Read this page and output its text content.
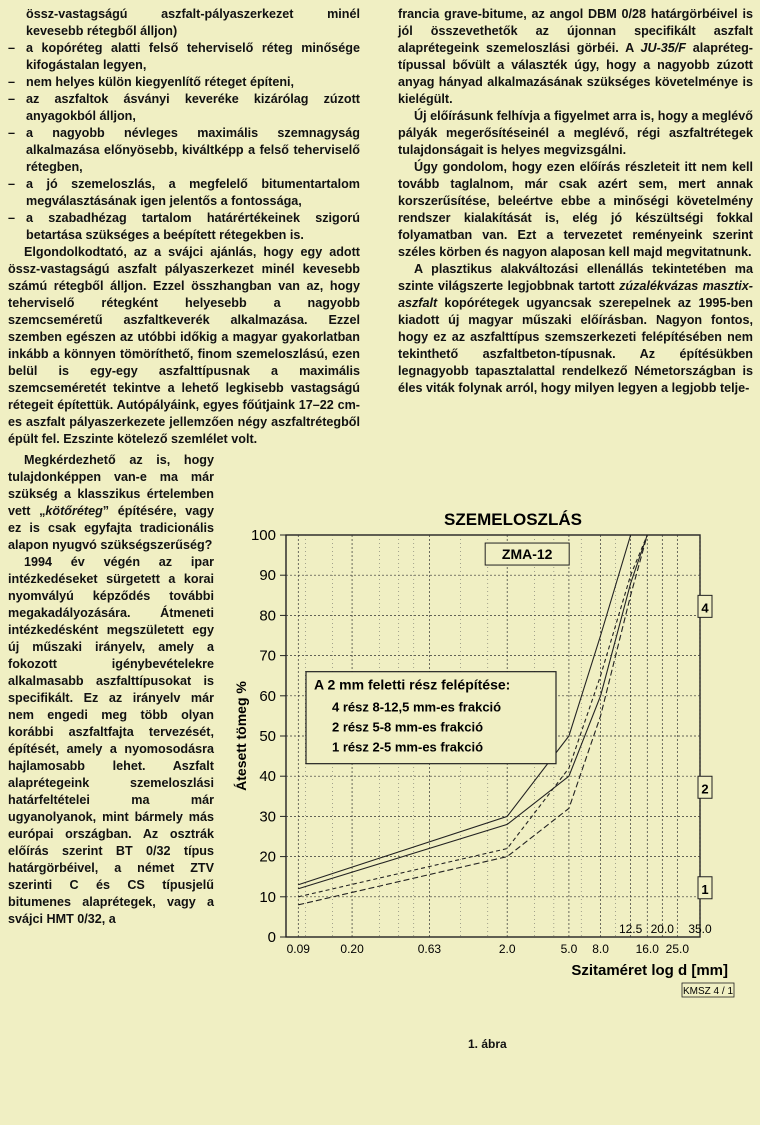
össz-vastagságú aszfalt-pályaszerkezet minél kevesebb rétegből álljon)

– a kopóréteg alatti felső teherviselő réteg minősége kifogástalan legyen,
– nem helyes külön kiegyenlítő réteget építeni,
– az aszfaltok ásványi keveréke kizárólag zúzott anyagokból álljon,
– a nagyobb névleges maximális szemnagyság alkalmazása előnyösebb, kiváltképp a felső teherviselő rétegben,
– a jó szemeloszlás, a megfelelő bitumentartalom megválasztásának igen jelentős a fontossága,
– a szabadhézag tartalom határértékeinek szigorú betartása szükséges a beépített rétegekben is.

Elgondolkodtató, az a svájci ajánlás, hogy egy adott össz-vastagságú aszfalt pályaszerkezet minél kevesebb számú rétegből álljon. Ezzel összhangban van az, hogy teherviselő rétegként helyesebb a nagyobb szemcseméretű aszfaltkeverék alkalmazása. Ezzel szemben egészen az utóbbi időkig a magyar gyakorlatban inkább a könnyen tömöríthető, finom szemeloszlású, ezen belül is egy-egy aszfalttípusnak a maximális szemcseméretét tekintve a lehető legkisebb vastagságú rétegeit építettük. Autópályáink, egyes főútjaink 17–22 cm-es aszfalt pályaszerkezete jellemzően négy aszfaltrétegből épült fel. Ezszinte kötelező szemlélet volt.

Megkérdezhető az is, hogy tulajdonképpen van-e ma már szükség a klasszikus értelemben vett „kötőréteg” építésére, vagy ez is csak egyfajta tradicionális alapon nyugvó szükségszerűség?

1994 év végén az ipar intézkedéseket sürgetett a korai nyomvályú képződés további megakadályozására. Átmeneti intézkedésként megszületett egy új műszaki irányelv, amely a fokozott igénybevételekre alkalmasabb aszfalttípusokat is specifikált. Ez az irányelv már nem engedi meg több olyan korábbi aszfaltfajta tervezését, építését, amely a nyomosodásra hajlamosabb lehet. Aszfalt alaprétegeink szemeloszlási határfeltételei ma már ugyanolyanok, mint bármely más európai országban. Az osztrák előírás szerint BT 0/32 típus határgörbéivel, a német ZTV szerinti C és CS típusjelű bitumenes alaprétegek, vagy a svájci HMT 0/32, a

francia grave-bitume, az angol DBM 0/28 határgörbéivel is jól összevethetők az újonnan specifikált aszfalt alaprétegeink szemeloszlási görbéi. A JU-35/F alapréteg-típussal bővült a választék úgy, hogy a nagyobb zúzott anyag hányad alkalmazásának szükséges követelménye is kielégült.

Új előírásunk felhívja a figyelmet arra is, hogy a meglévő pályák megerősítéseinél a meglévő, régi aszfaltrétegek tulajdonságait is helyes megvizsgálni.

Úgy gondolom, hogy ezen előírás részleteit itt nem kell tovább taglalnom, már csak azért sem, mert annak korszerűsítése, beleértve ebbe a minőségi követelmény rendszer kialakítását is, elég jó készültségi fokkal folyamatban van. Ezt a tervezetet reményeink szerint széles körben és nagyon alaposan kell majd megvitatnunk.

A plasztikus alakváltozási ellenállás tekintetében ma szinte világszerte legjobbnak tartott zúzalékvázas masztix-aszfalt kopórétegek ugyancsak szerepelnek az 1995-ben kiadott új magyar műszaki előírásban. Nagyon fontos, hogy ez az aszfalttípus szemszerkezeti felépítésében nem tekinthető aszfaltbeton-típusnak. Az építésükben legnagyobb tapasztalattal rendelkező Németországban is éles viták folynak arról, hogy milyen legyen a legjobb telje-

0
10
20
30
40
50
60
70
80
90
100
0.09	0.20	0.63	2.0	5.0 8.0 16.0 25.0
12.5 20.0 35.0
SZEMELOSZLÁS
Átesett tömeg %
Szitaméret log d [mm]
KMSZ 4 / 1
ZMA-12
A 2 mm feletti rész felépítése:
4 rész 8-12,5 mm-es frakció
2 rész 5-8 mm-es frakció
1 rész 2-5 mm-es frakció
4
2
1
1. ábra
